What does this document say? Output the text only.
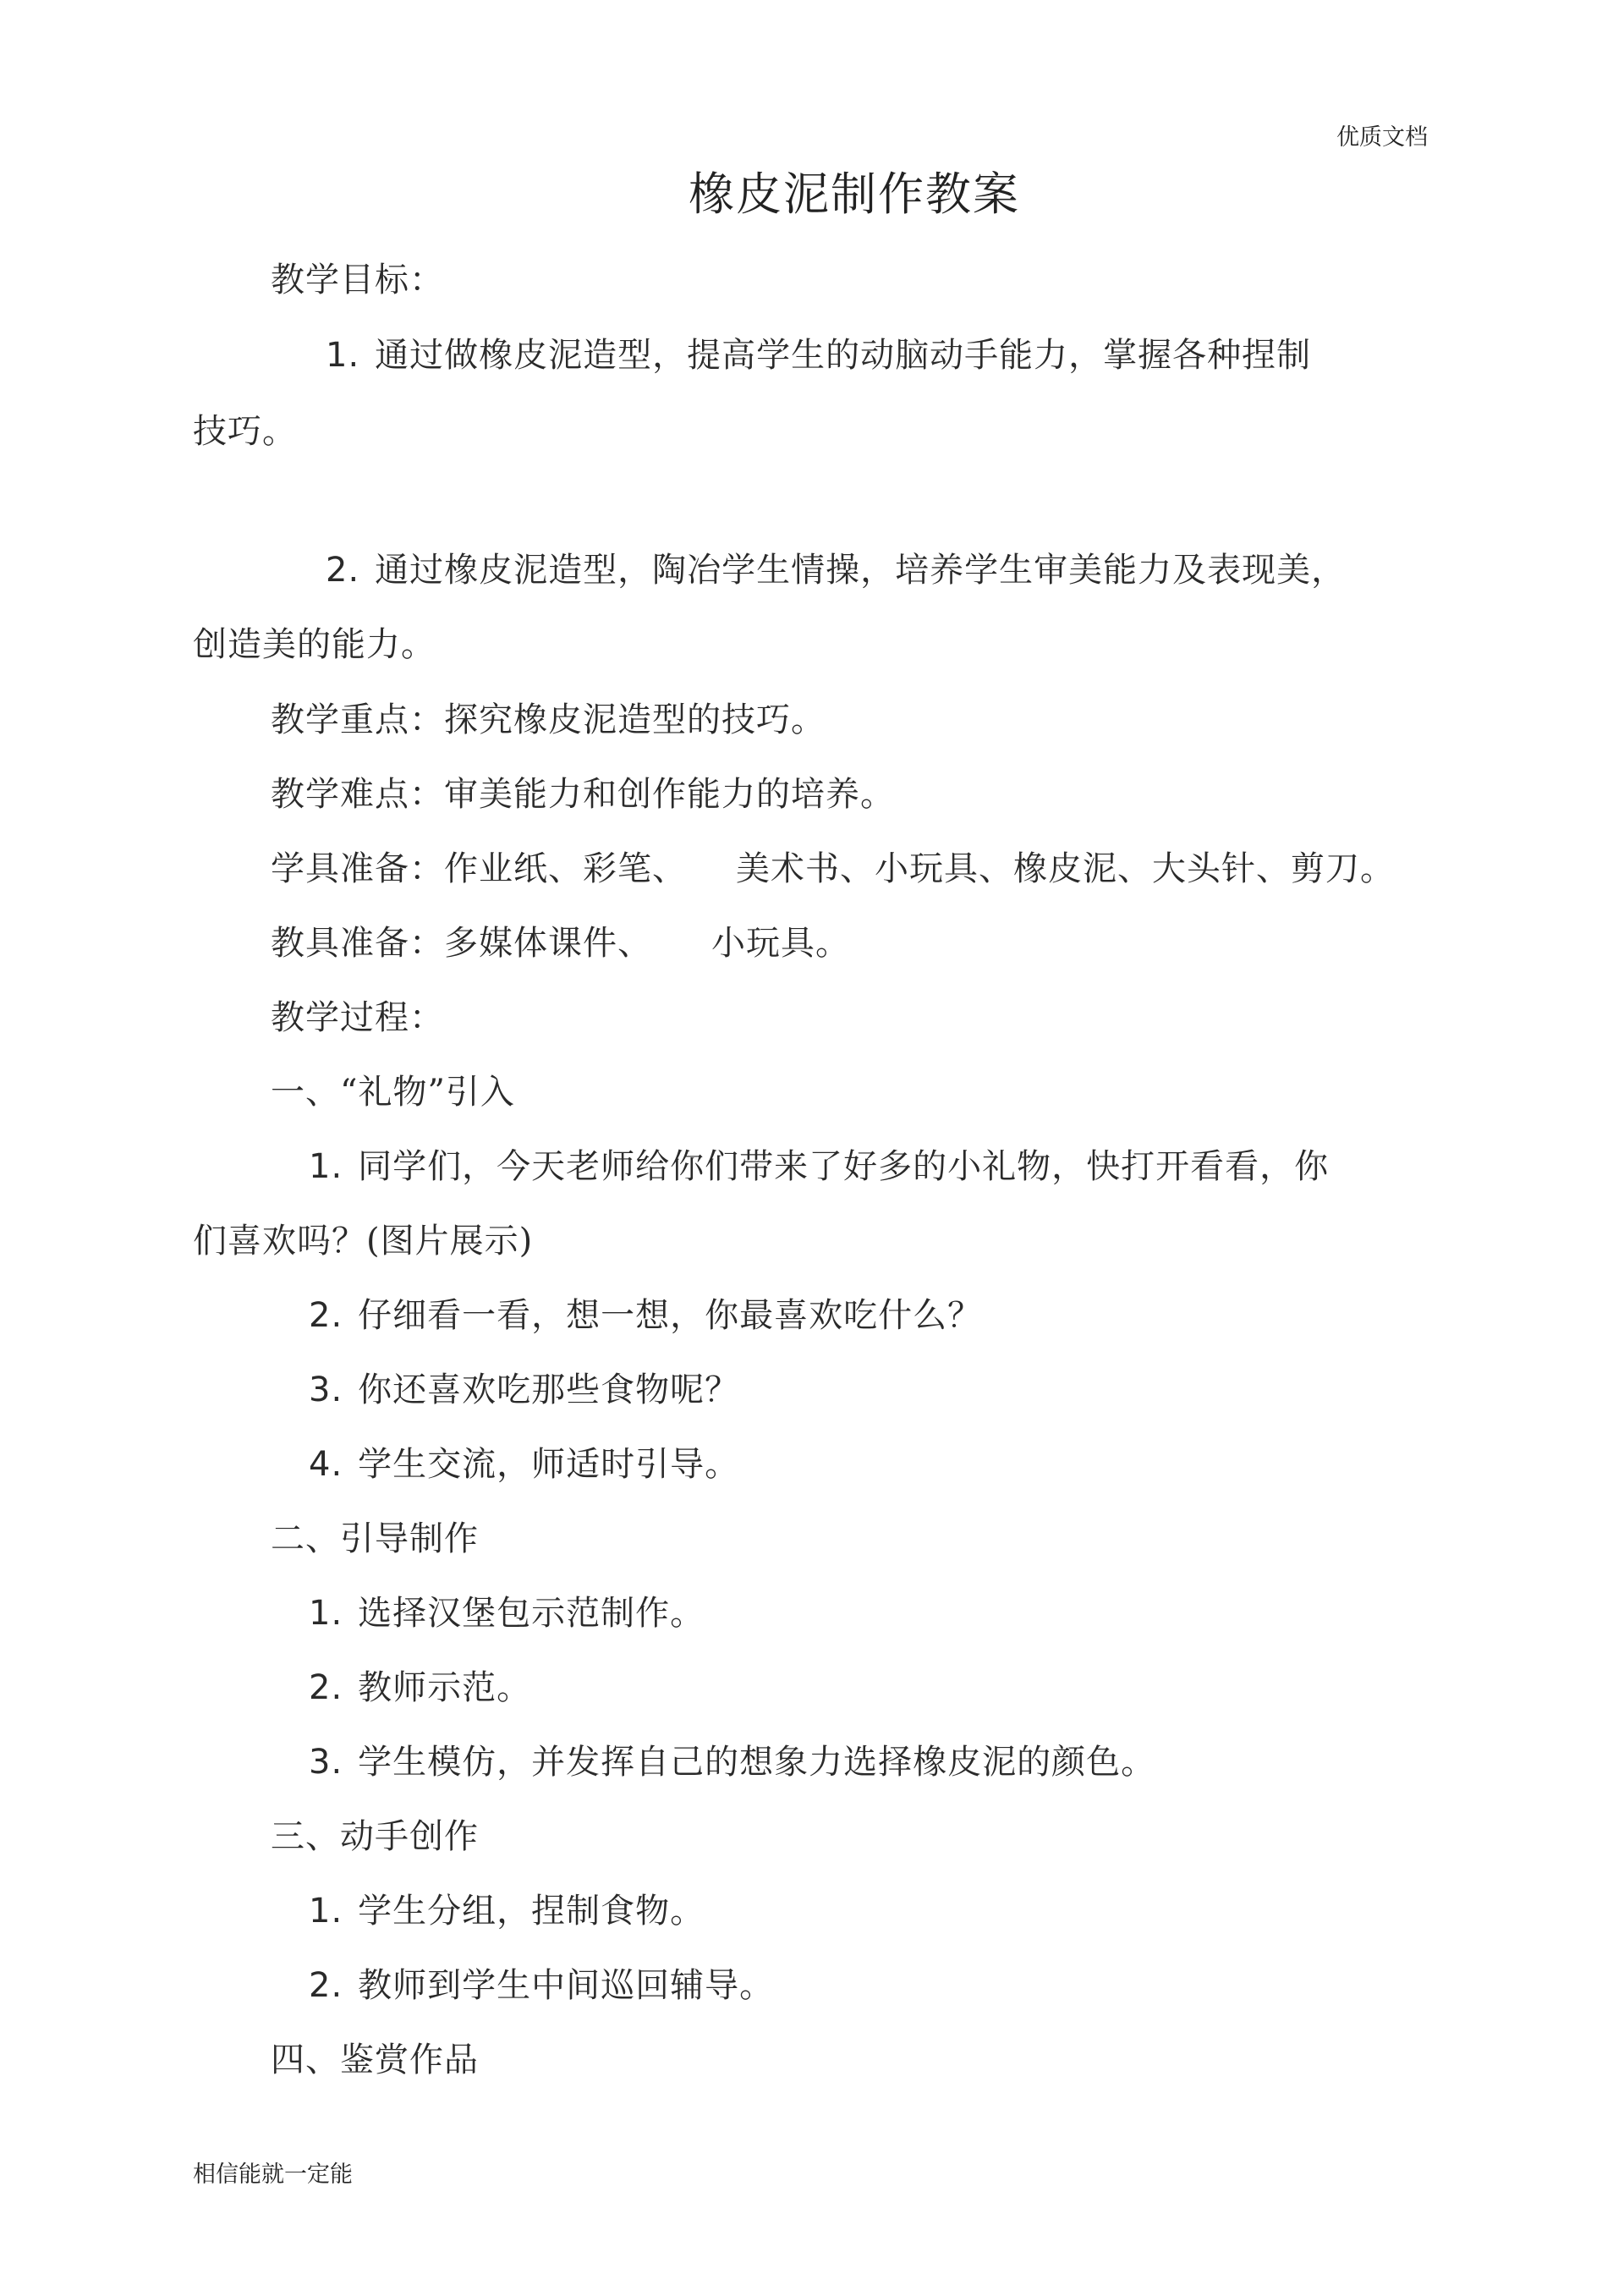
优质文档
橡皮泥制作教案
教学目标：
1. 通过做橡皮泥造型，提高学生的动脑动手能力，掌握各种捏制
技巧。
2. 通过橡皮泥造型，陶冶学生情操，培养学生审美能力及表现美，
创造美的能力。
教学重点：探究橡皮泥造型的技巧。
教学难点：审美能力和创作能力的培养。
学具准备：作业纸、彩笔、 美术书、小玩具、橡皮泥、大头针、剪刀。
教具准备：多媒体课件、 小玩具。
教学过程：
一、“礼物”引入
1. 同学们，今天老师给你们带来了好多的小礼物，快打开看看，你
们喜欢吗？(图片展示)
2. 仔细看一看，想一想，你最喜欢吃什么？
3. 你还喜欢吃那些食物呢？
4. 学生交流，师适时引导。
二、引导制作
1. 选择汉堡包示范制作。
2. 教师示范。
3. 学生模仿，并发挥自己的想象力选择橡皮泥的颜色。
三、动手创作
1. 学生分组，捏制食物。
2. 教师到学生中间巡回辅导。
四、鉴赏作品
相信能就一定能
